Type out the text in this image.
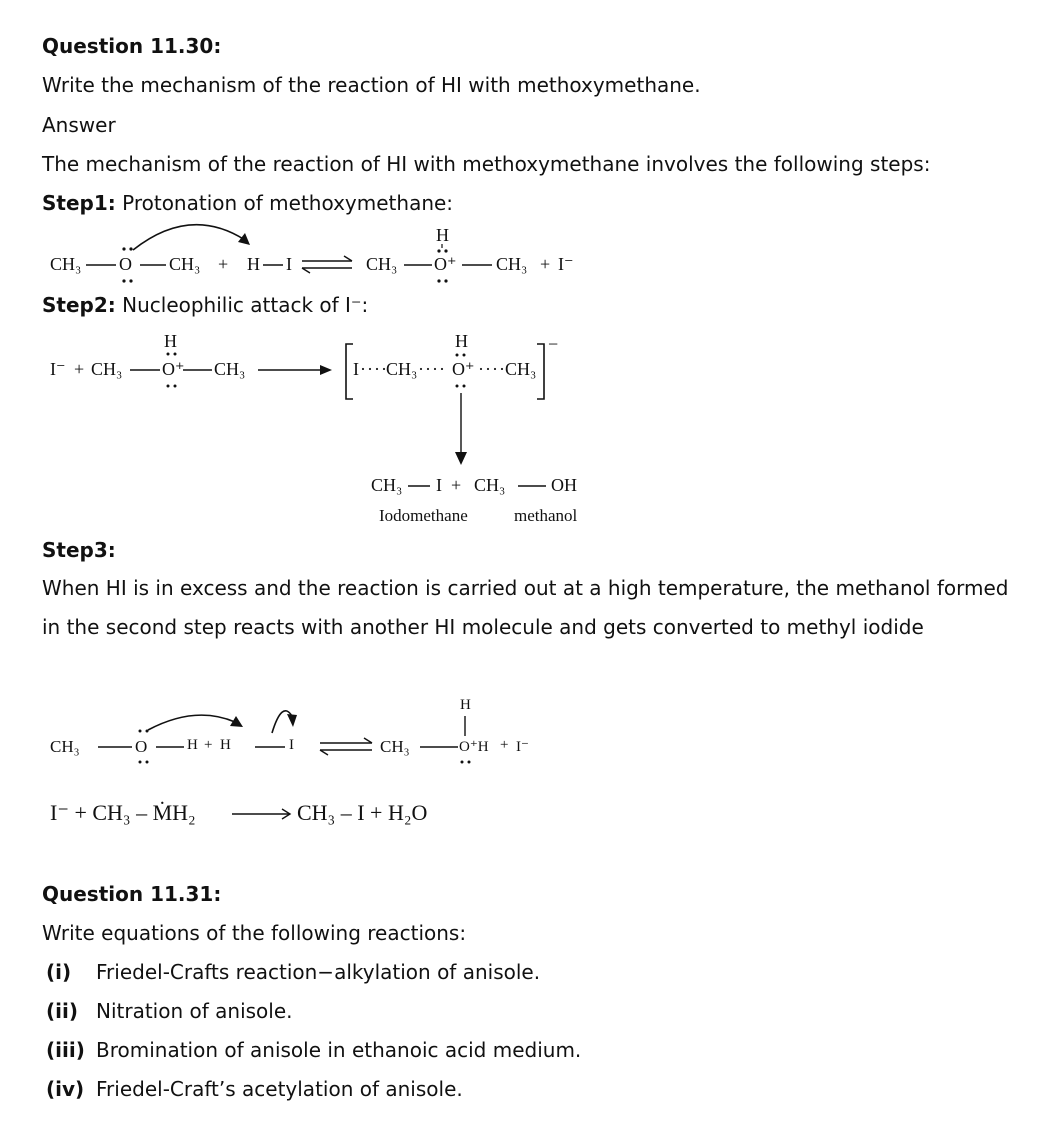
Question 11.30:
Write the mechanism of the reaction of HI with methoxymethane.
Answer
The mechanism of the reaction of HI with methoxymethane involves the following steps:
Step1: Protonation of methoxymethane:
CH₃ O CH₃ + H I	CH₃
H
O⁺ CH₃ + I⁻
Step2: Nucleophilic attack of I⁻:
I⁻ + CH₃
H
O⁺ CH₃	I ····
CH₃ ····
H
O⁺ ···· CH₃
−
CH₃ I + CH₃	OH
Iodomethane	methanol
Step3:
When HI is in excess and the reaction is carried out at a high temperature, the methanol formed in the second step reacts with another HI molecule and gets converted to methyl iodide
CH₃	O	H + H	I	CH₃
H
O⁺H + I⁻
I⁻ + CH₃ – ṀH₂	CH₃ – I + H₂O
Question 11.31:
Write equations of the following reactions:
(i) Friedel-Crafts reaction−alkylation of anisole.
(ii) Nitration of anisole.
(iii) Bromination of anisole in ethanoic acid medium.
(iv) Friedel-Craft’s acetylation of anisole.
